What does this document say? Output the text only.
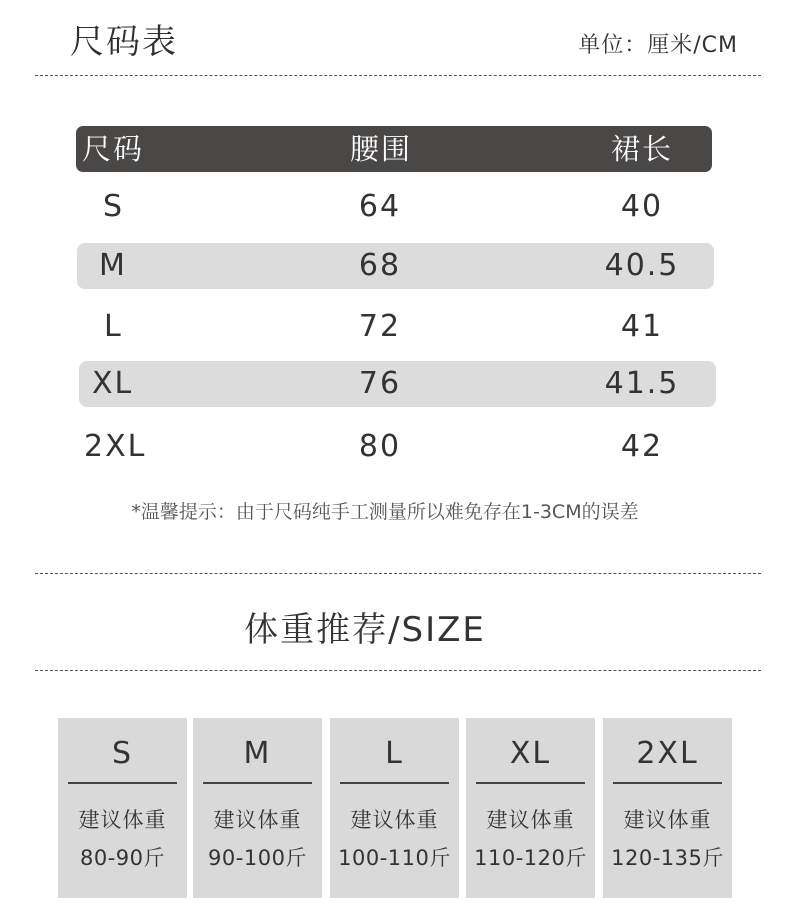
尺码表	单位：厘米/CM
尺码	腰围	裙长
S	64	40
M	68	40.5
L	72	41
XL	76	41.5
2XL	80	42
*温馨提示：由于尺码纯手工测量所以难免存在1-3CM的误差
体重推荐/SIZE
S
建议体重
80-90斤
M
建议体重
90-100斤
L
建议体重
100-110斤
XL
建议体重
110-120斤
2XL
建议体重
120-135斤
